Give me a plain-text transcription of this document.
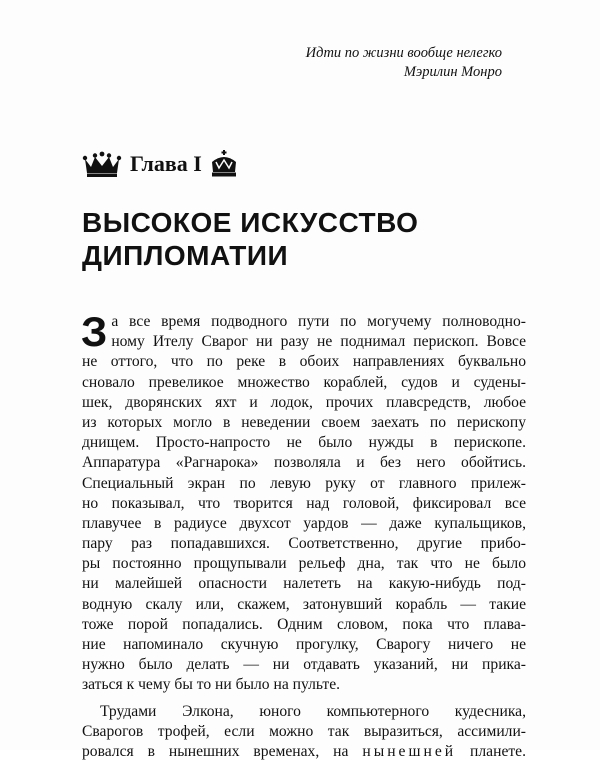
Идти по жизни вообще нелегко
Мэрилин Монро
Глава I
ВЫСОКОЕ ИСКУССТВО
ДИПЛОМАТИИ
З а все время подводного пути по могучему полноводно-
ному Ителу Сварог ни разу не поднимал перископ. Вовсе
не оттого, что по реке в обоих направлениях буквально
сновало превеликое множество кораблей, судов и судены-
шек, дворянских яхт и лодок, прочих плавсредств, любое
из которых могло в неведении своем заехать по перископу
днищем. Просто-напросто не было нужды в перископе.
Аппаратура «Рагнарока» позволяла и без него обойтись.
Специальный экран по левую руку от главного прилеж-
но показывал, что творится над головой, фиксировал все
плавучее в радиусе двухсот уардов — даже купальщиков,
пару раз попадавшихся. Соответственно, другие прибо-
ры постоянно прощупывали рельеф дна, так что не было
ни малейшей опасности налететь на какую-нибудь под-
водную скалу или, скажем, затонувший корабль — такие
тоже порой попадались. Одним словом, пока что плава-
ние напоминало скучную прогулку, Сварогу ничего не
нужно было делать — ни отдавать указаний, ни прика-
заться к чему бы то ни было на пульте.
Трудами Элкона, юного компьютерного кудесника,
Сварогов трофей, если можно так выразиться, ассимили-
ровался в нынешних временах, на нынешней планете.
